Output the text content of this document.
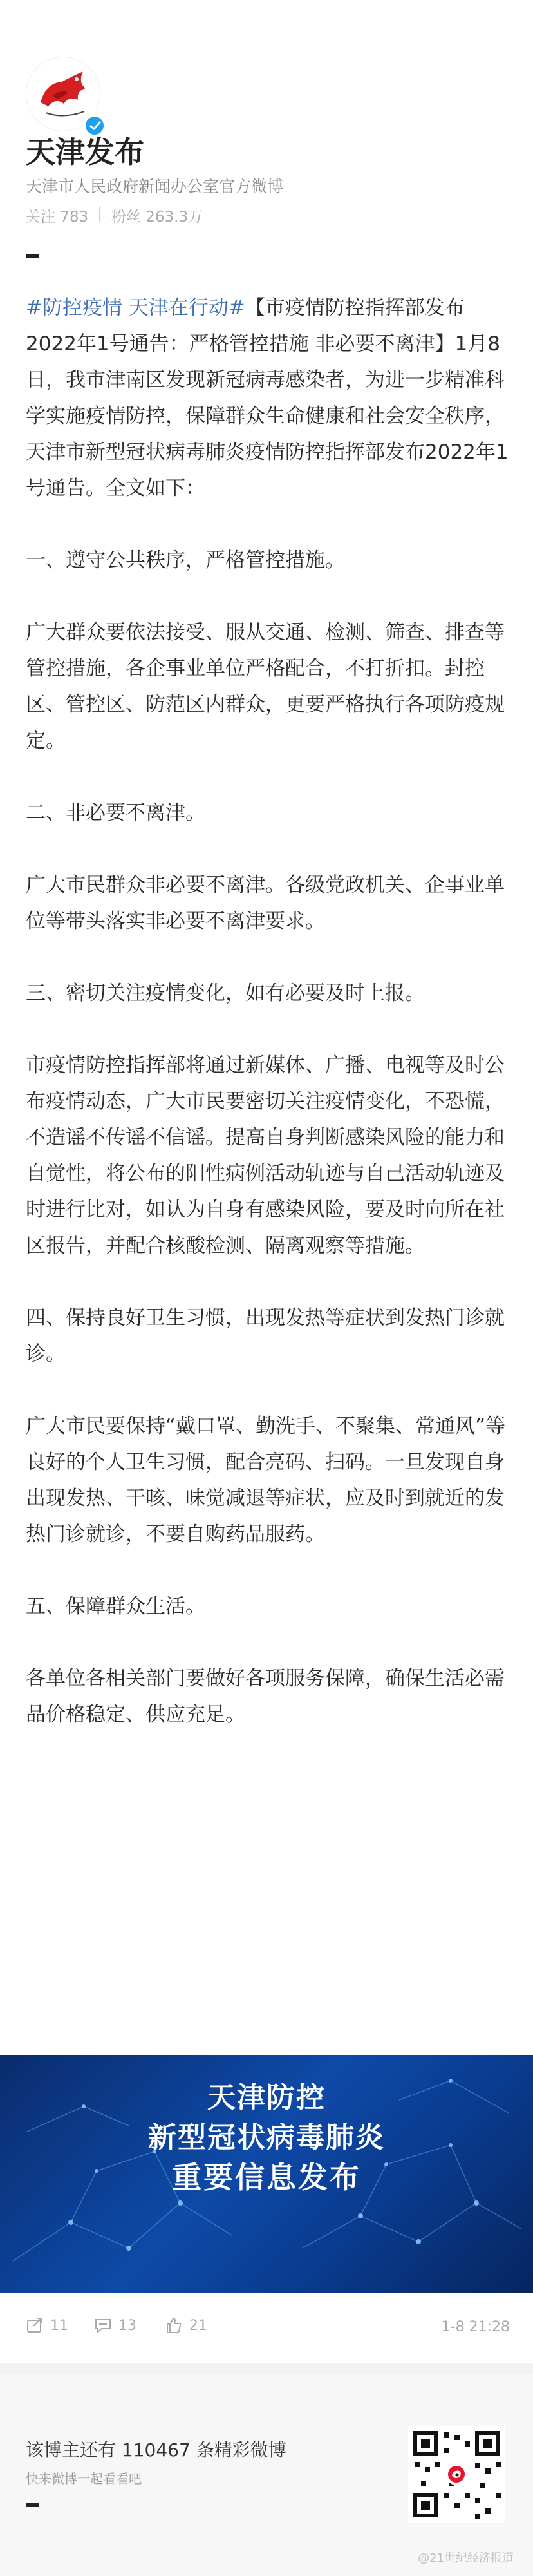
天津发布
天津市人民政府新闻办公室官方微博
关注 783 | 粉丝 263.3万

#防控疫情 天津在行动#【市疫情防控指挥部发布2022年1号通告：严格管控措施 非必要不离津】1月8日，我市津南区发现新冠病毒感染者，为进一步精准科学实施疫情防控，保障群众生命健康和社会安全秩序， 天津市新型冠状病毒肺炎疫情防控指挥部发布2022年1号通告。全文如下：

一、遵守公共秩序，严格管控措施。

广大群众要依法接受、服从交通、检测、筛查、排查等管控措施，各企事业单位严格配合，不打折扣。封控区、管控区、防范区内群众，更要严格执行各项防疫规定。

二、非必要不离津。

广大市民群众非必要不离津。各级党政机关、企事业单位等带头落实非必要不离津要求。

三、密切关注疫情变化，如有必要及时上报。

市疫情防控指挥部将通过新媒体、广播、电视等及时公布疫情动态，广大市民要密切关注疫情变化，不恐慌，不造谣不传谣不信谣。提高自身判断感染风险的能力和自觉性，将公布的阳性病例活动轨迹与自己活动轨迹及时进行比对，如认为自身有感染风险，要及时向所在社区报告，并配合核酸检测、隔离观察等措施。

四、保持良好卫生习惯，出现发热等症状到发热门诊就诊。

广大市民要保持“戴口罩、勤洗手、不聚集、常通风”等良好的个人卫生习惯，配合亮码、扫码。一旦发现自身出现发热、干咳、味觉减退等症状，应及时到就近的发热门诊就诊，不要自购药品服药。

五、保障群众生活。

各单位各相关部门要做好各项服务保障，确保生活必需品价格稳定、供应充足。

天津防控
新型冠状病毒肺炎
重要信息发布
11	13	21	1-8 21:28
该博主还有 110467 条精彩微博
快来微博一起看看吧
@21世纪经济报道
